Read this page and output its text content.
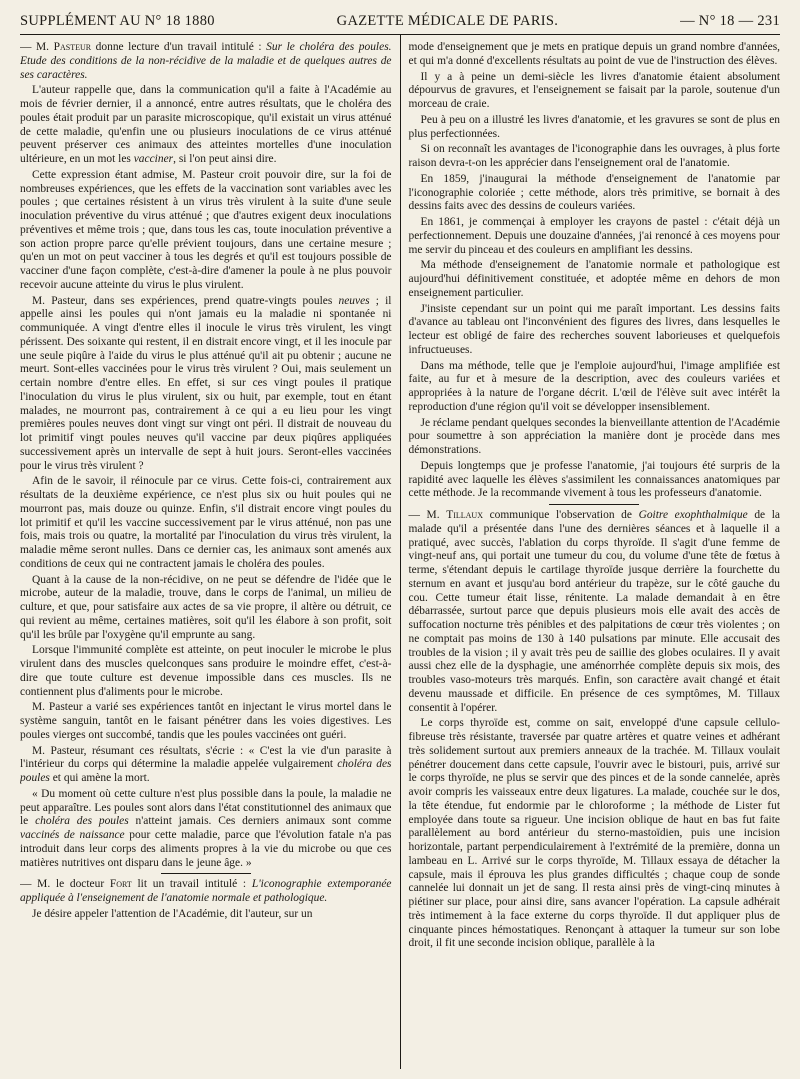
SUPPLÉMENT AU N° 18 1880	GAZETTE MÉDICALE DE PARIS.	— N° 18 — 231

— M. Pasteur donne lecture d'un travail intitulé : Sur le choléra des poules. Etude des conditions de la non-récidive de la maladie et de quelques autres de ses caractères.

L'auteur rappelle que, dans la communication qu'il a faite à l'Académie au mois de février dernier, il a annoncé, entre autres résultats, que le choléra des poules était produit par un parasite microscopique, qu'il existait un virus atténué de cette maladie, qu'enfin une ou plusieurs inoculations de ce virus atténué peuvent préserver ces animaux des atteintes mortelles d'une inoculation ultérieure, en un mot les vacciner, si l'on peut ainsi dire.

Cette expression étant admise, M. Pasteur croit pouvoir dire, sur la foi de nombreuses expériences, que les effets de la vaccination sont variables avec les poules ; que certaines résistent à un virus très virulent à la suite d'une seule inoculation préventive du virus atténué ; que d'autres exigent deux inoculations préventives et même trois ; que, dans tous les cas, toute inoculation préventive a son action propre parce qu'elle prévient toujours, dans une certaine mesure ; qu'en un mot on peut vacciner à tous les degrés et qu'il est toujours possible de vacciner d'une façon complète, c'est-à-dire d'amener la poule à ne plus pouvoir recevoir aucune atteinte du virus le plus virulent.

M. Pasteur, dans ses expériences, prend quatre-vingts poules neuves ; il appelle ainsi les poules qui n'ont jamais eu la maladie ni spontanée ni communiquée. A vingt d'entre elles il inocule le virus très virulent, les vingt périssent. Des soixante qui restent, il en distrait encore vingt, et il les inocule par une seule piqûre à l'aide du virus le plus atténué qu'il ait pu obtenir ; aucune ne meurt. Sont-elles vaccinées pour le virus très virulent ? Oui, mais seulement un certain nombre d'entre elles. En effet, si sur ces vingt poules il pratique l'inoculation du virus le plus virulent, six ou huit, par exemple, tout en étant malades, ne mourront pas, contrairement à ce qui a eu lieu pour les vingt premières poules neuves dont vingt sur vingt ont péri. Il distrait de nouveau du lot primitif vingt poules neuves qu'il vaccine par deux piqûres appliquées successivement après un intervalle de sept à huit jours. Seront-elles vaccinées pour le virus très virulent ?

Afin de le savoir, il réinocule par ce virus. Cette fois-ci, contrairement aux résultats de la deuxième expérience, ce n'est plus six ou huit poules qui ne mourront pas, mais douze ou quinze. Enfin, s'il distrait encore vingt poules du lot primitif et qu'il les vaccine successivement par le virus atténué, non pas une fois, mais trois ou quatre, la mortalité par l'inoculation du virus très virulent, la maladie même seront nulles. Dans ce dernier cas, les animaux sont amenés aux conditions de ceux qui ne contractent jamais le choléra des poules.

Quant à la cause de la non-récidive, on ne peut se défendre de l'idée que le microbe, auteur de la maladie, trouve, dans le corps de l'animal, un milieu de culture, et que, pour satisfaire aux actes de sa vie propre, il altère ou détruit, ce qui revient au même, certaines matières, soit qu'il les élabore à son profit, soit qu'il les brûle par l'oxygène qu'il emprunte au sang.

Lorsque l'immunité complète est atteinte, on peut inoculer le microbe le plus virulent dans des muscles quelconques sans produire le moindre effet, c'est-à-dire que toute culture est devenue impossible dans ces muscles. Ils ne contiennent plus d'aliments pour le microbe.

M. Pasteur a varié ses expériences tantôt en injectant le virus mortel dans le système sanguin, tantôt en le faisant pénétrer dans les voies digestives. Les poules vierges ont succombé, tandis que les poules vaccinées ont guéri.

M. Pasteur, résumant ces résultats, s'écrie : « C'est la vie d'un parasite à l'intérieur du corps qui détermine la maladie appelée vulgairement choléra des poules et qui amène la mort.

« Du moment où cette culture n'est plus possible dans la poule, la maladie ne peut apparaître. Les poules sont alors dans l'état constitutionnel des animaux que le choléra des poules n'atteint jamais. Ces derniers animaux sont comme vaccinés de naissance pour cette maladie, parce que l'évolution fatale n'a pas introduit dans leur corps des aliments propres à la vie du microbe ou que ces matières nutritives ont disparu dans le jeune âge. »

— M. le docteur Fort lit un travail intitulé : L'iconographie extemporanée appliquée à l'enseignement de l'anatomie normale et pathologique.

Je désire appeler l'attention de l'Académie, dit l'auteur, sur un

mode d'enseignement que je mets en pratique depuis un grand nombre d'années, et qui m'a donné d'excellents résultats au point de vue de l'instruction des élèves.

Il y a à peine un demi-siècle les livres d'anatomie étaient absolument dépourvus de gravures, et l'enseignement se faisait par la parole, soutenue d'un morceau de craie.

Peu à peu on a illustré les livres d'anatomie, et les gravures se sont de plus en plus perfectionnées.

Si on reconnaît les avantages de l'iconographie dans les ouvrages, à plus forte raison devra-t-on les apprécier dans l'enseignement oral de l'anatomie.

En 1859, j'inaugurai la méthode d'enseignement de l'anatomie par l'iconographie coloriée ; cette méthode, alors très primitive, se bornait à des dessins faits avec des dessins de couleurs variées.

En 1861, je commençai à employer les crayons de pastel : c'était déjà un perfectionnement. Depuis une douzaine d'années, j'ai renoncé à ces moyens pour me servir du pinceau et des couleurs en amplifiant les dessins.

Ma méthode d'enseignement de l'anatomie normale et pathologique est aujourd'hui définitivement constituée, et adoptée même en dehors de mon enseignement particulier.

J'insiste cependant sur un point qui me paraît important. Les dessins faits d'avance au tableau ont l'inconvénient des figures des livres, dans lesquelles le lecteur est obligé de faire des recherches souvent laborieuses et quelquefois infructueuses.

Dans ma méthode, telle que je l'emploie aujourd'hui, l'image amplifiée est faite, au fur et à mesure de la description, avec des couleurs variées et appropriées à la nature de l'organe décrit. L'œil de l'élève suit avec intérêt la reproduction d'une région qu'il voit se développer insensiblement.

Je réclame pendant quelques secondes la bienveillante attention de l'Académie pour soumettre à son appréciation la manière dont je procède dans mes démonstrations.

Depuis longtemps que je professe l'anatomie, j'ai toujours été surpris de la rapidité avec laquelle les élèves s'assimilent les connaissances anatomiques par cette méthode. Je la recommande vivement à tous les professeurs d'anatomie.

— M. Tillaux communique l'observation de Goitre exophthalmique de la malade qu'il a présentée dans l'une des dernières séances et à laquelle il a pratiqué, avec succès, l'ablation du corps thyroïde. Il s'agit d'une femme de vingt-neuf ans, qui portait une tumeur du cou, du volume d'une tête de fœtus à terme, s'étendant depuis le cartilage thyroïde jusque derrière la fourchette du sternum en avant et jusqu'au bord antérieur du trapèze, sur le côté gauche du cou. Cette tumeur était lisse, rénitente. La malade demandait à en être débarrassée, surtout parce que depuis plusieurs mois elle avait des accès de suffocation nocturne très pénibles et des palpitations de cœur très violentes ; on ne comptait pas moins de 130 à 140 pulsations par minute. Elle accusait des troubles de la vision ; il y avait très peu de saillie des globes oculaires. Il y avait aussi chez elle de la dysphagie, une aménorrhée complète depuis six mois, des troubles vaso-moteurs très marqués. Enfin, son caractère avait changé et était devenu maussade et difficile. En présence de ces symptômes, M. Tillaux consentit à l'opérer.

Le corps thyroïde est, comme on sait, enveloppé d'une capsule cellulo-fibreuse très résistante, traversée par quatre artères et quatre veines et adhérant très solidement surtout aux premiers anneaux de la trachée. M. Tillaux voulait pénétrer doucement dans cette capsule, l'ouvrir avec le bistouri, puis, arrivé sur le corps thyroïde, ne plus se servir que des pinces et de la sonde cannelée, après avoir compris les vaisseaux entre deux ligatures. La malade, couchée sur le dos, la tête étendue, fut endormie par le chloroforme ; la méthode de Lister fut employée dans toute sa rigueur. Une incision oblique de haut en bas fut faite parallèlement au bord antérieur du sterno-mastoïdien, puis une incision horizontale, partant perpendiculairement à l'extrémité de la première, donna un lambeau en L. Arrivé sur le corps thyroïde, M. Tillaux essaya de détacher la capsule, mais il éprouva les plus grandes difficultés ; chaque coup de sonde cannelée lui donnait un jet de sang. Il resta ainsi près de vingt-cinq minutes à piétiner sur place, pour ainsi dire, sans avancer l'opération. La capsule adhérait très intimement à la face externe du corps thyroïde. Il dut appliquer plus de cinquante pinces hémostatiques. Renonçant à attaquer la tumeur sur son lobe droit, il fit une seconde incision oblique, parallèle à la
